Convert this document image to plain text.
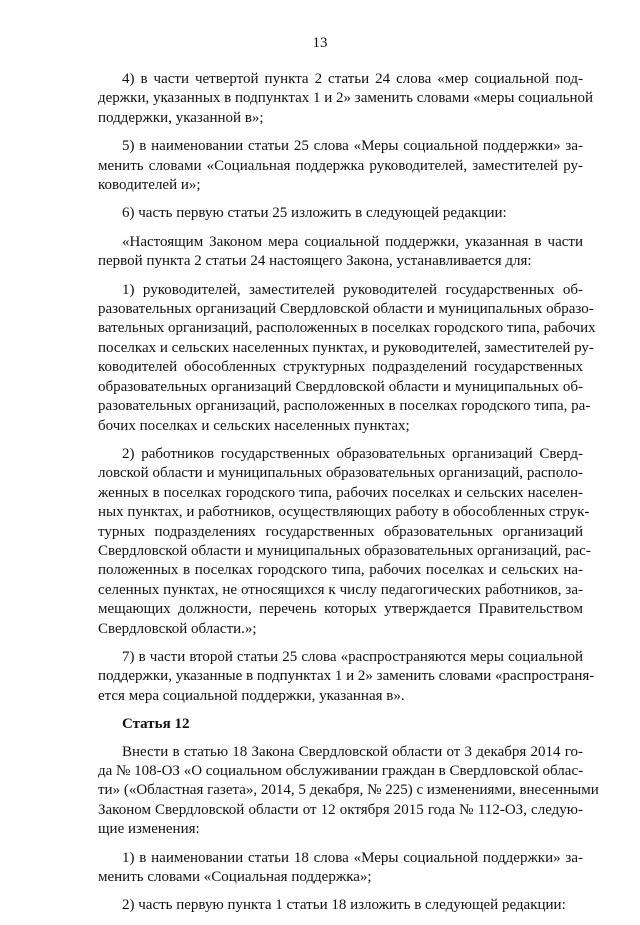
13
4) в части четвертой пункта 2 статьи 24 слова «мер социальной под-
держки, указанных в подпунктах 1 и 2» заменить словами «меры социальной
поддержки, указанной в»;
5) в наименовании статьи 25 слова «Меры социальной поддержки» за-
менить словами «Социальная поддержка руководителей, заместителей ру-
ководителей и»;
6) часть первую статьи 25 изложить в следующей редакции:
«Настоящим Законом мера социальной поддержки, указанная в части
первой пункта 2 статьи 24 настоящего Закона, устанавливается для:
1) руководителей, заместителей руководителей государственных об-
разовательных организаций Свердловской области и муниципальных образо-
вательных организаций, расположенных в поселках городского типа, рабочих
поселках и сельских населенных пунктах, и руководителей, заместителей ру-
ководителей обособленных структурных подразделений государственных
образовательных организаций Свердловской области и муниципальных об-
разовательных организаций, расположенных в поселках городского типа, ра-
бочих поселках и сельских населенных пунктах;
2) работников государственных образовательных организаций Сверд-
ловской области и муниципальных образовательных организаций, располо-
женных в поселках городского типа, рабочих поселках и сельских населен-
ных пунктах, и работников, осуществляющих работу в обособленных струк-
турных подразделениях государственных образовательных организаций
Свердловской области и муниципальных образовательных организаций, рас-
положенных в поселках городского типа, рабочих поселках и сельских на-
селенных пунктах, не относящихся к числу педагогических работников, за-
мещающих должности, перечень которых утверждается Правительством
Свердловской области.»;
7) в части второй статьи 25 слова «распространяются меры социальной
поддержки, указанные в подпунктах 1 и 2» заменить словами «распространя-
ется мера социальной поддержки, указанная в».
Статья 12
Внести в статью 18 Закона Свердловской области от 3 декабря 2014 го-
да № 108-ОЗ «О социальном обслуживании граждан в Свердловской облас-
ти» («Областная газета», 2014, 5 декабря, № 225) с изменениями, внесенными
Законом Свердловской области от 12 октября 2015 года № 112-ОЗ, следую-
щие изменения:
1) в наименовании статьи 18 слова «Меры социальной поддержки» за-
менить словами «Социальная поддержка»;
2) часть первую пункта 1 статьи 18 изложить в следующей редакции:
